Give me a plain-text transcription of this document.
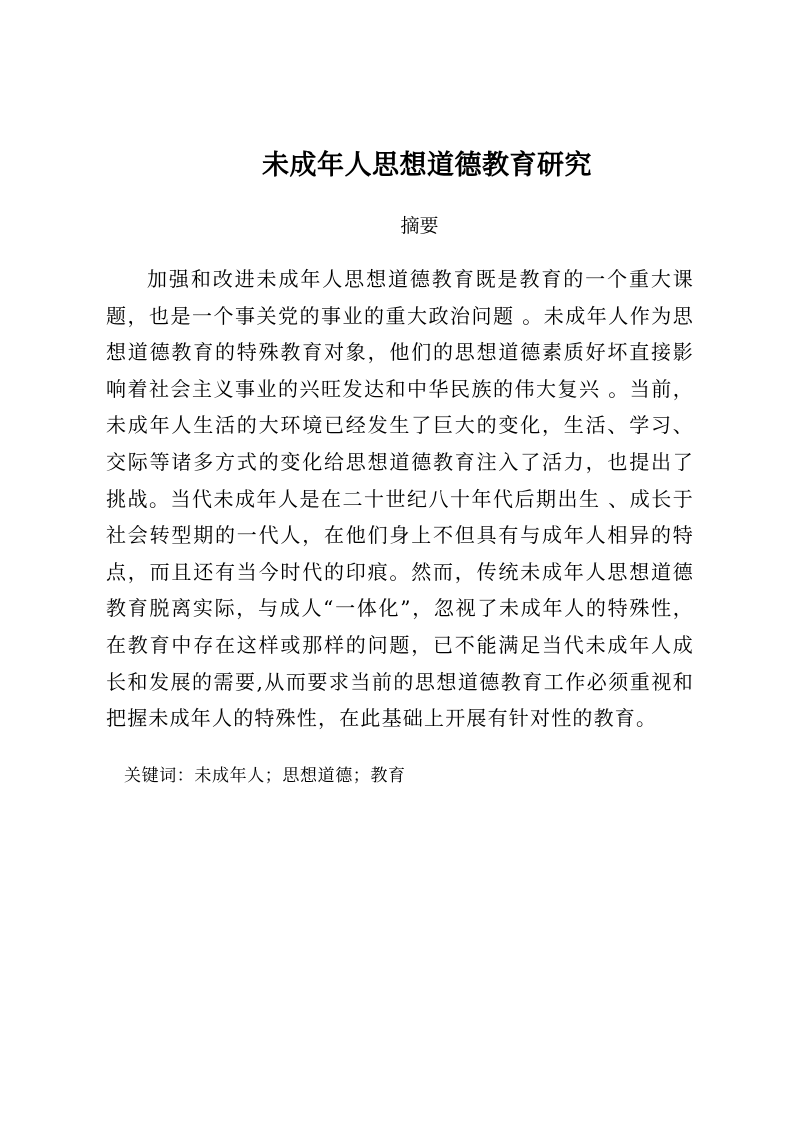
未成年人思想道德教育研究
摘要
加强和改进未成年人思想道德教育既是教育的一个重大课题，也是一个事关党的事业的重大政治问题 。未成年人作为思想道德教育的特殊教育对象，他们的思想道德素质好坏直接影响着社会主义事业的兴旺发达和中华民族的伟大复兴 。当前，未成年人生活的大环境已经发生了巨大的变化，生活、学习、交际等诸多方式的变化给思想道德教育注入了活力，也提出了挑战。当代未成年人是在二十世纪八十年代后期出生 、成长于社会转型期的一代人，在他们身上不但具有与成年人相异的特点，而且还有当今时代的印痕。然而，传统未成年人思想道德教育脱离实际，与成人“一体化”，忽视了未成年人的特殊性，在教育中存在这样或那样的问题，已不能满足当代未成年人成长和发展的需要,从而要求当前的思想道德教育工作必须重视和把握未成年人的特殊性，在此基础上开展有针对性的教育。
关键词：未成年人；思想道德；教育
